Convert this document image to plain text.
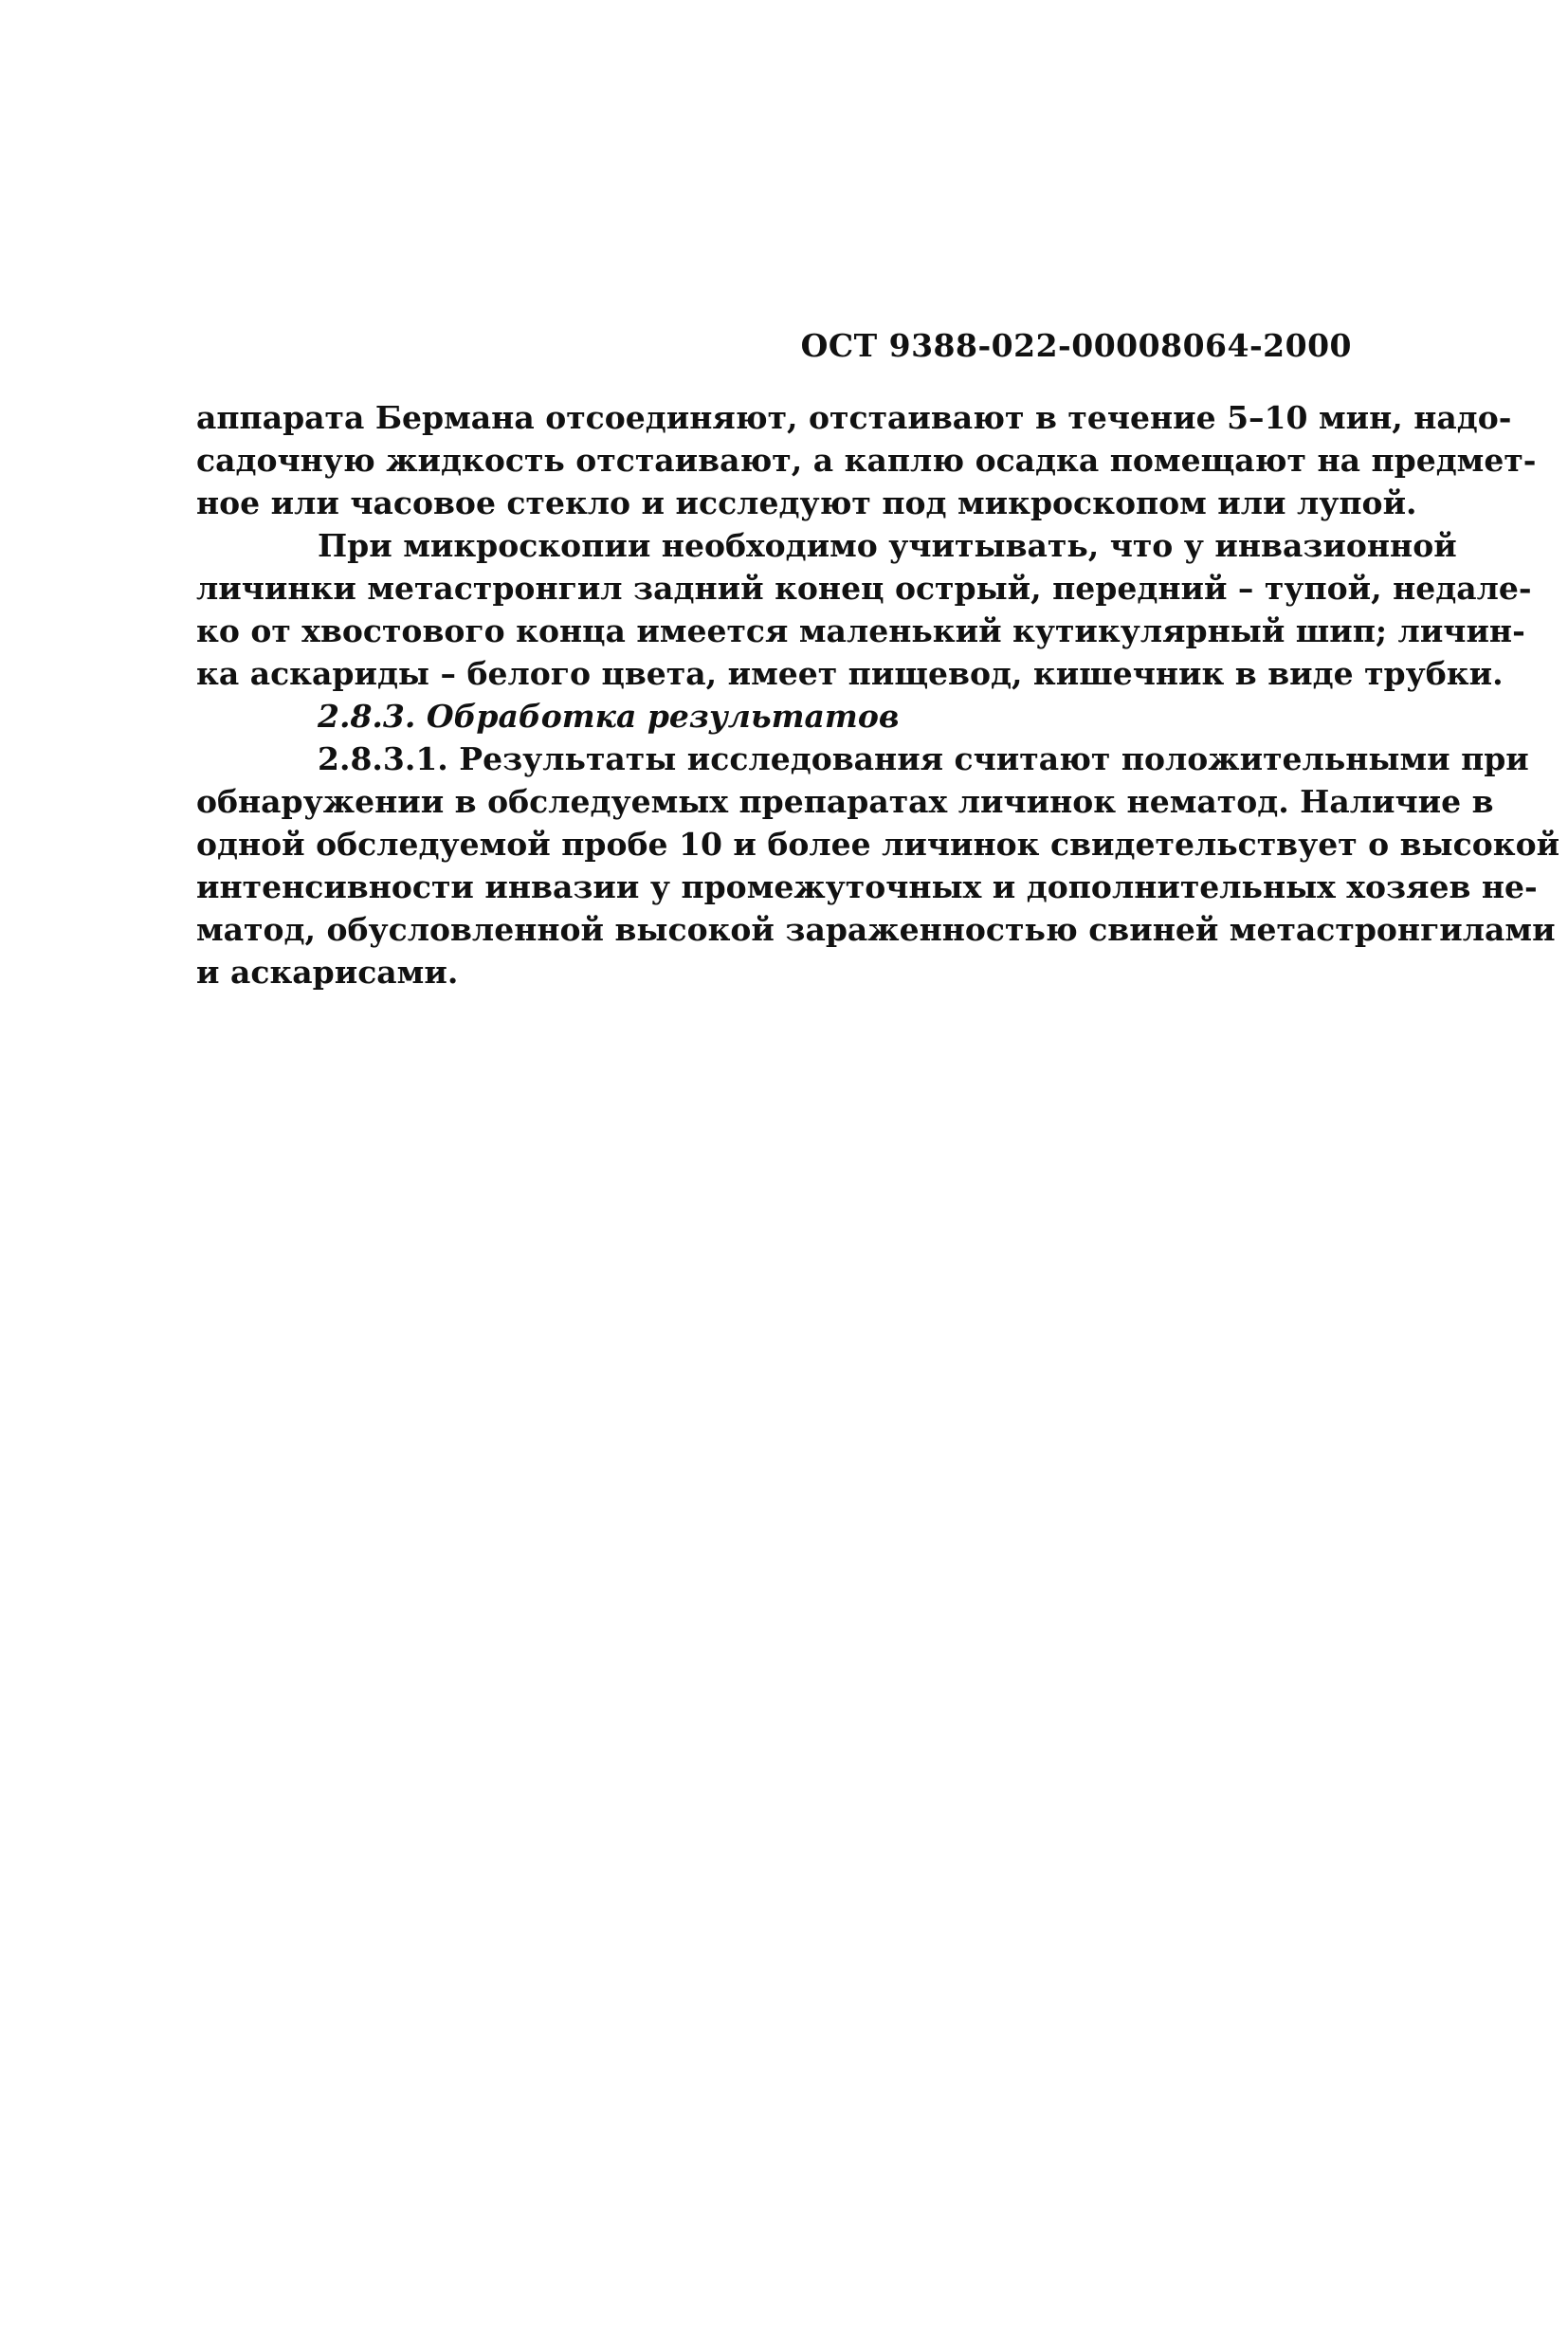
ОСТ 9388-022-00008064-2000
аппарата Бермана отсоединяют, отстаивают в течение 5–10 мин, надо-
садочную жидкость отстаивают, а каплю осадка помещают на предмет-
ное или часовое стекло и исследуют под микроскопом или лупой.
При микроскопии необходимо учитывать, что у инвазионной
личинки метастронгил задний конец острый, передний – тупой, недале-
ко от хвостового конца имеется маленький кутикулярный шип; личин-
ка аскариды – белого цвета, имеет пищевод, кишечник в виде трубки.
2.8.3. Обработка результатов
2.8.3.1. Результаты исследования считают положительными при
обнаружении в обследуемых препаратах личинок нематод. Наличие в
одной обследуемой пробе 10 и более личинок свидетельствует о высокой
интенсивности инвазии у промежуточных и дополнительных хозяев не-
матод, обусловленной высокой зараженностью свиней метастронгилами
и аскарисами.
